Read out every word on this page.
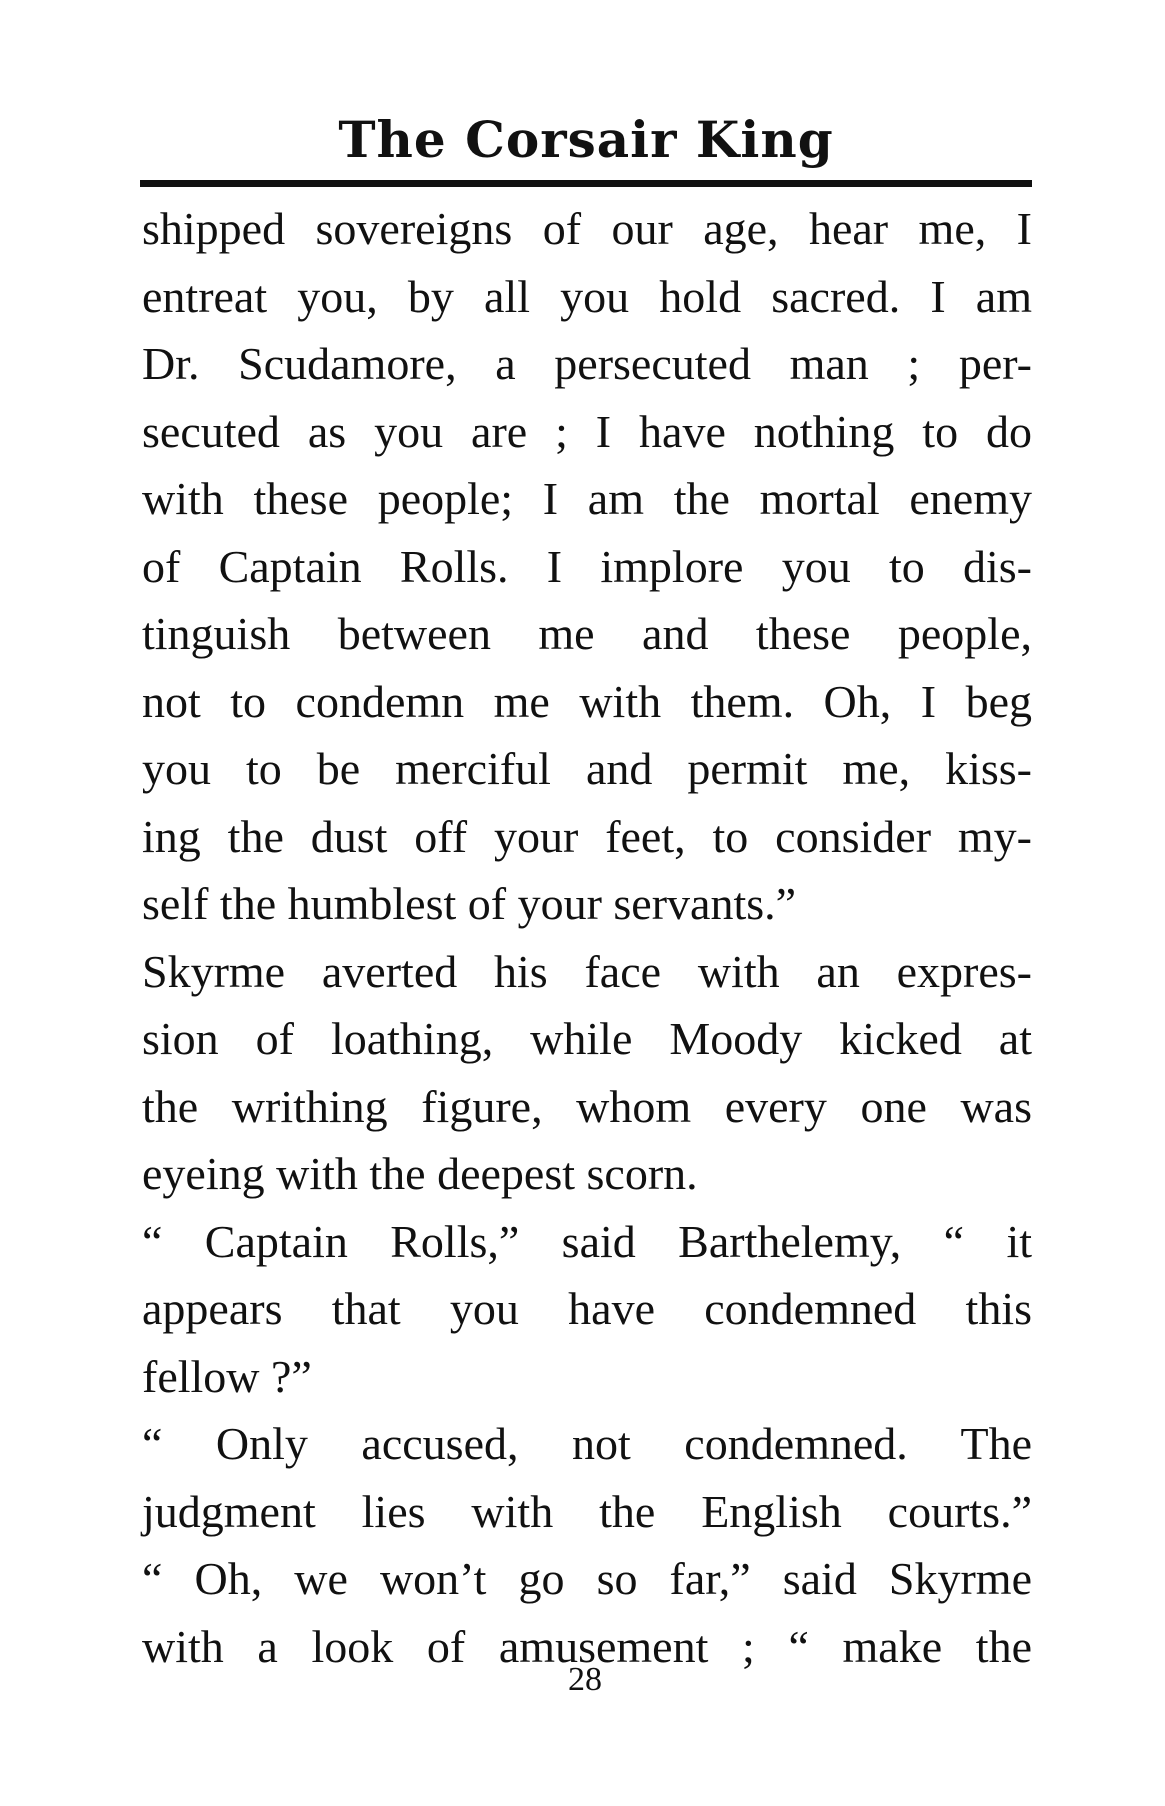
The Corsair King
shipped sovereigns of our age, hear me, I
entreat you, by all you hold sacred. I am
Dr. Scudamore, a persecuted man ; per-
secuted as you are ; I have nothing to do
with these people; I am the mortal enemy
of Captain Rolls. I implore you to dis-
tinguish between me and these people,
not to condemn me with them. Oh, I beg
you to be merciful and permit me, kiss-
ing the dust off your feet, to consider my-
self the humblest of your servants.”
Skyrme averted his face with an expres-
sion of loathing, while Moody kicked at
the writhing figure, whom every one was
eyeing with the deepest scorn.
“ Captain Rolls,” said Barthelemy, “ it
appears that you have condemned this
fellow ?”
“ Only accused, not condemned. The
judgment lies with the English courts.”
“ Oh, we won’t go so far,” said Skyrme
with a look of amusement ; “ make the
28
